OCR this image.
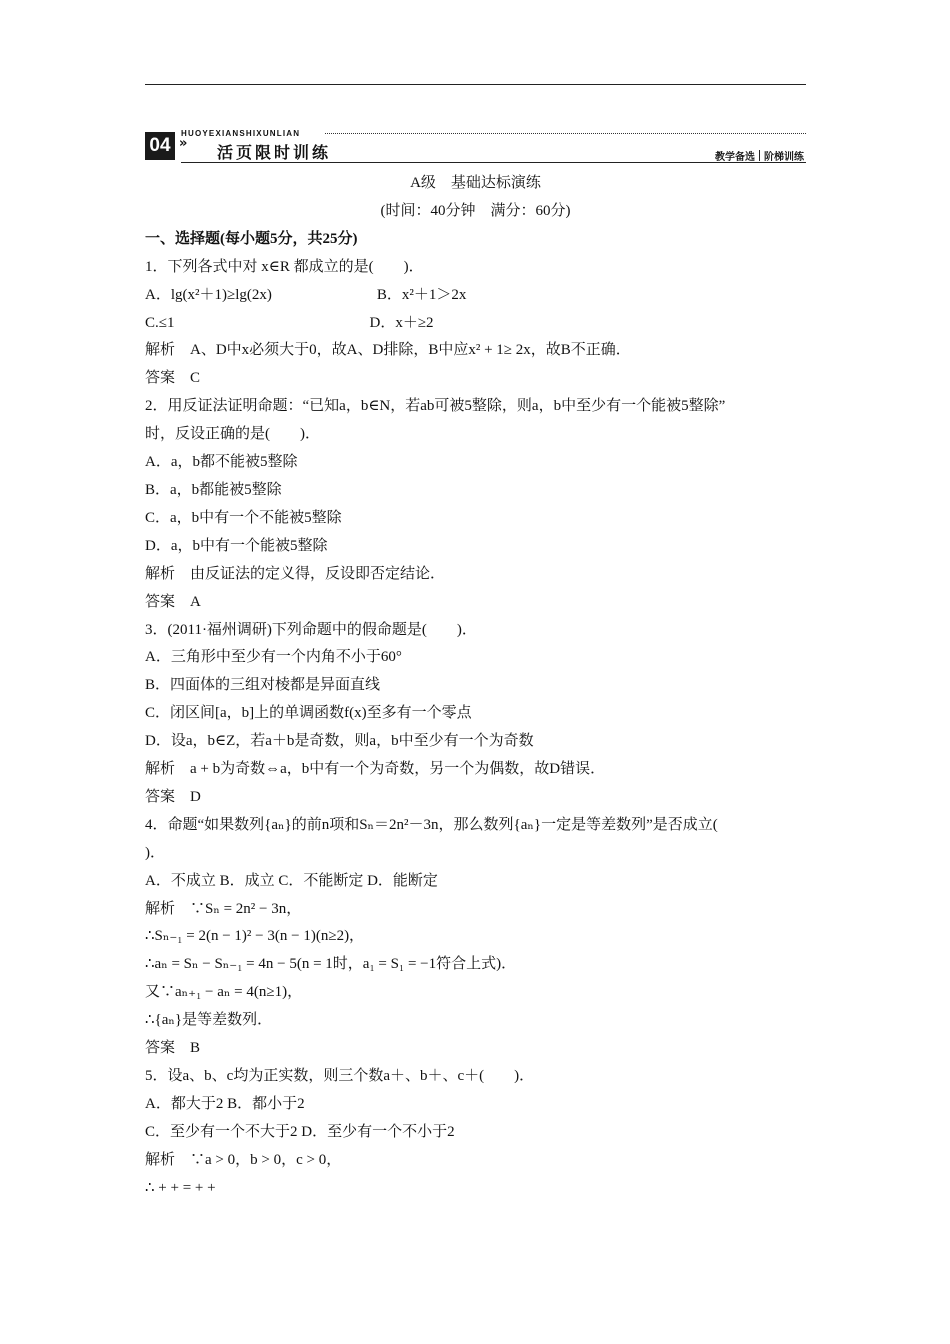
04 »
HUOYEXIANSHIXUNLIAN
活页限时训练	教学备选 阶梯训练
A级　基础达标演练
(时间：40分钟　满分：60分)
一、选择题(每小题5分，共25分)
1．下列各式中对 x∈R 都成立的是(　　)．
A．lg(x²＋1)≥lg(2x)　　　　　　　B．x²＋1＞2x
C.≤1　　　　　　　　　　　　　D．x＋≥2
解析　A、D中x必须大于0，故A、D排除，B中应x² + 1≥ 2x，故B不正确．
答案　C
2．用反证法证明命题：“已知a，b∈N，若ab可被5整除，则a，b中至少有一个能被5整除”
时，反设正确的是(　　)．
A．a，b都不能被5整除
B．a，b都能被5整除
C．a，b中有一个不能被5整除
D．a，b中有一个能被5整除
解析　由反证法的定义得，反设即否定结论．
答案　A
3．(2011·福州调研)下列命题中的假命题是(　　)．
A．三角形中至少有一个内角不小于60°
B．四面体的三组对棱都是异面直线
C．闭区间[a，b]上的单调函数f(x)至多有一个零点
D．设a，b∈Z，若a＋b是奇数，则a，b中至少有一个为奇数
解析　a + b为奇数⇔a，b中有一个为奇数，另一个为偶数，故D错误．
答案　D
4．命题“如果数列{aₙ}的前n项和Sₙ＝2n²－3n，那么数列{aₙ}一定是等差数列”是否成立(
)．
A．不成立 B．成立 C．不能断定 D．能断定
解析　∵Sₙ = 2n² − 3n，
∴Sₙ₋₁ = 2(n − 1)² − 3(n − 1)(n≥2)，
∴aₙ = Sₙ − Sₙ₋₁ = 4n − 5(n = 1时，a₁ = S₁ = −1符合上式)．
又∵aₙ₊₁ − aₙ = 4(n≥1)，
∴{aₙ}是等差数列．
答案　B
5．设a、b、c均为正实数，则三个数a＋、b＋、c＋(　　)．
A．都大于2 B．都小于2
C．至少有一个不大于2 D．至少有一个不小于2
解析　∵a > 0，b > 0，c > 0，
∴ + + = + +
